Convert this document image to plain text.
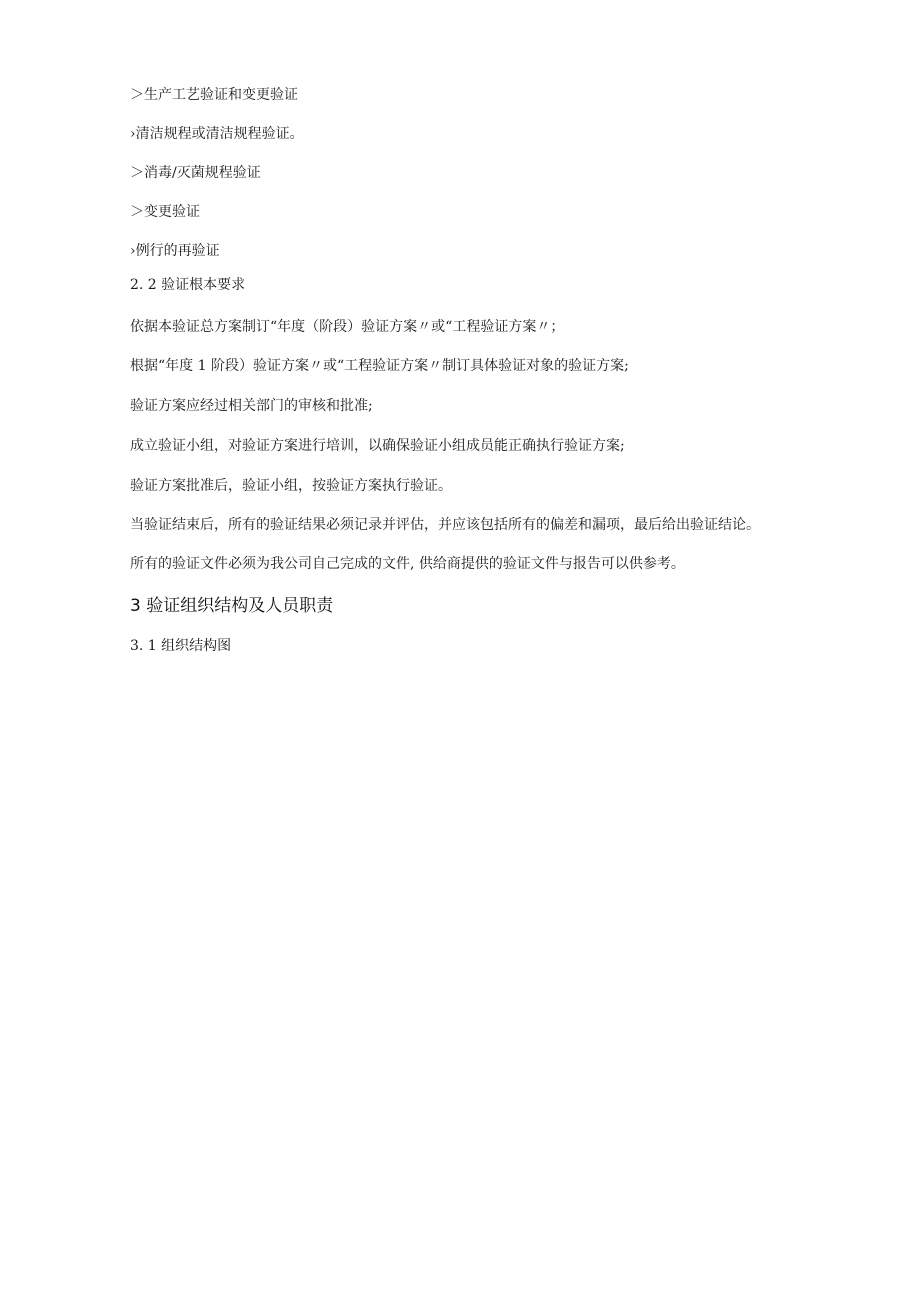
＞生产工艺验证和变更验证
›清洁规程或清洁规程验证。
＞消毒/灭菌规程验证
＞变更验证
›例行的再验证
2. 2 验证根本要求
依据本验证总方案制订“年度（阶段）验证方案〃或“工程验证方案〃；
根据“年度 1 阶段）验证方案〃或“工程验证方案〃制订具体验证对象的验证方案;
验证方案应经过相关部门的审核和批准;
成立验证小组，对验证方案进行培训，以确保验证小组成员能正确执行验证方案;
验证方案批准后，验证小组，按验证方案执行验证。
当验证结束后，所有的验证结果必须记录并评估，并应该包括所有的偏差和漏项，最后给出验证结论。
所有的验证文件必须为我公司自己完成的文件, 供给商提供的验证文件与报告可以供参考。
3 验证组织结构及人员职责
3. 1 组织结构图
